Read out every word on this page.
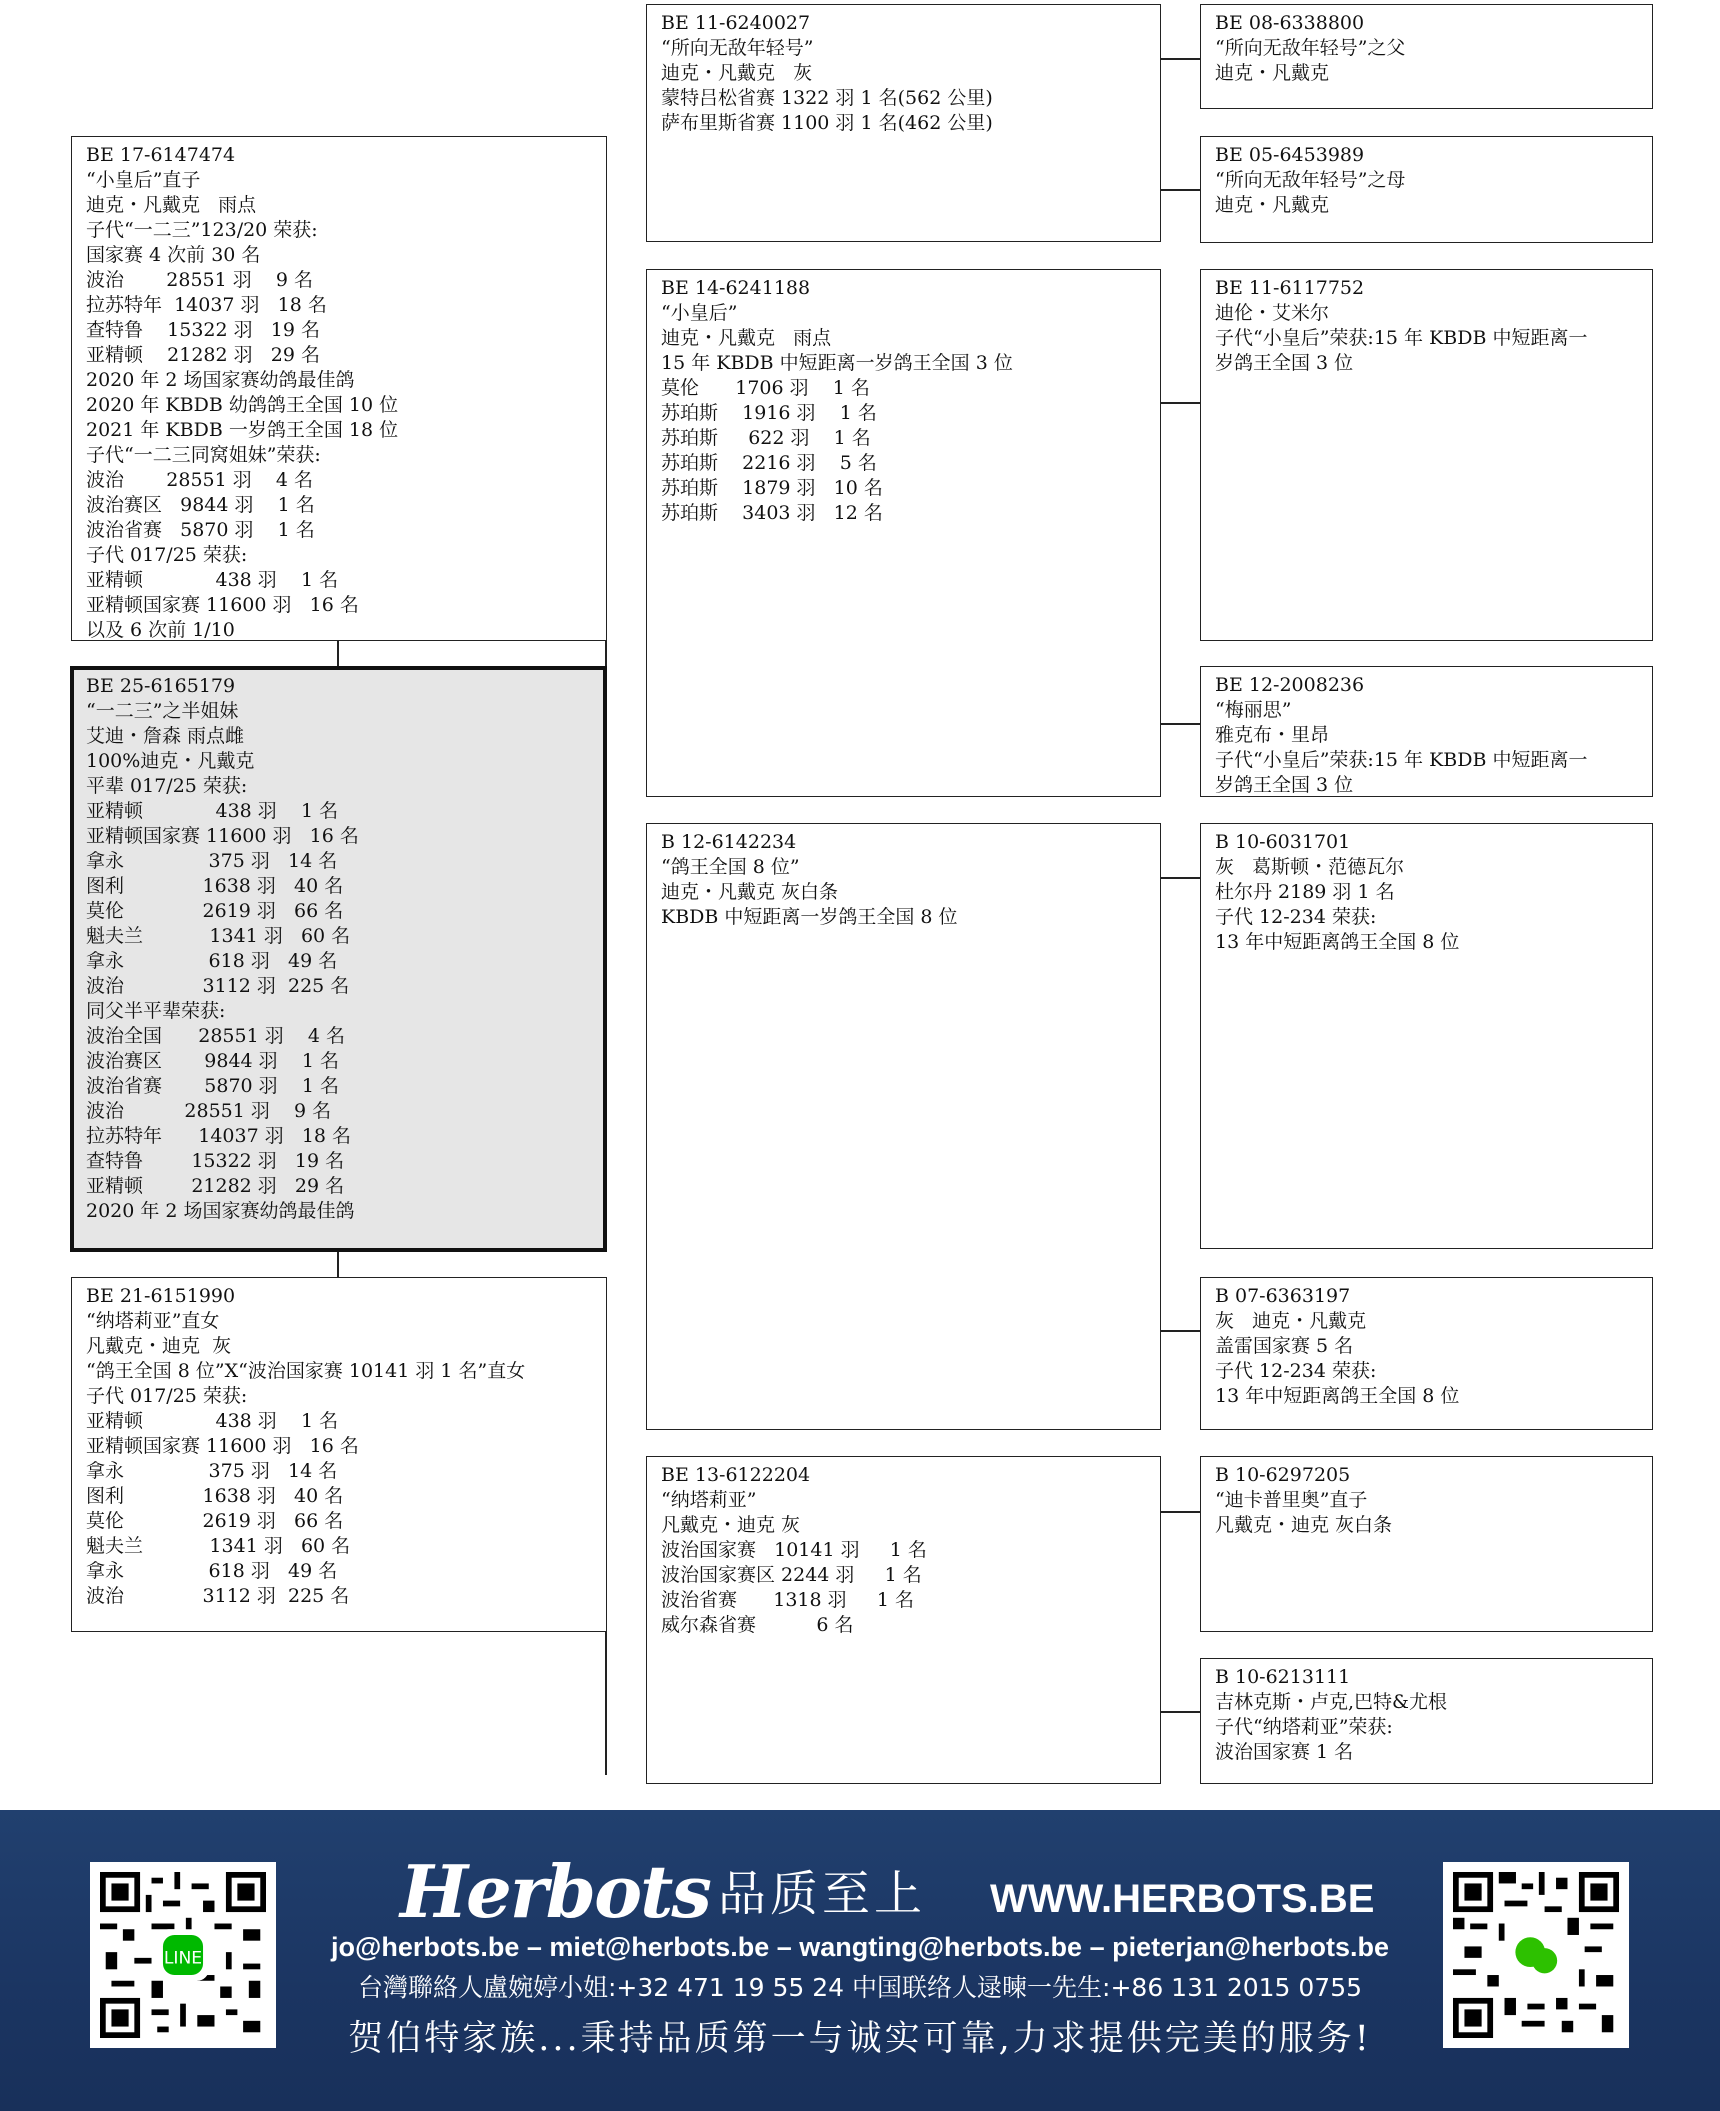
BE 17-6147474
“小皇后”直子
迪克・凡戴克   雨点
子代“一二三”123/20 荣获:
国家赛 4 次前 30 名
波治       28551 羽    9 名
拉苏特年  14037 羽   18 名
查特鲁    15322 羽   19 名
亚精顿    21282 羽   29 名
2020 年 2 场国家赛幼鸽最佳鸽
2020 年 KBDB 幼鸽鸽王全国 10 位
2021 年 KBDB 一岁鸽王全国 18 位
子代“一二三同窝姐妹”荣获:
波治       28551 羽    4 名
波治赛区   9844 羽    1 名
波治省赛   5870 羽    1 名
子代 017/25 荣获:
亚精顿            438 羽    1 名
亚精顿国家赛 11600 羽   16 名
以及 6 次前 1/10
BE 25-6165179
“一二三”之半姐妹
艾迪・詹森 雨点雌
100%迪克・凡戴克
平辈 017/25 荣获:
亚精顿            438 羽    1 名
亚精顿国家赛 11600 羽   16 名
拿永              375 羽   14 名
图利             1638 羽   40 名
莫伦             2619 羽   66 名
魁夫兰           1341 羽   60 名
拿永              618 羽   49 名
波治             3112 羽  225 名
同父半平辈荣获:
波治全国      28551 羽    4 名
波治赛区       9844 羽    1 名
波治省赛       5870 羽    1 名
波治          28551 羽    9 名
拉苏特年      14037 羽   18 名
查特鲁        15322 羽   19 名
亚精顿        21282 羽   29 名
2020 年 2 场国家赛幼鸽最佳鸽
BE 21-6151990
“纳塔莉亚”直女
凡戴克・迪克  灰
“鸽王全国 8 位”X“波治国家赛 10141 羽 1 名”直女
子代 017/25 荣获:
亚精顿            438 羽    1 名
亚精顿国家赛 11600 羽   16 名
拿永              375 羽   14 名
图利             1638 羽   40 名
莫伦             2619 羽   66 名
魁夫兰           1341 羽   60 名
拿永              618 羽   49 名
波治             3112 羽  225 名
BE 11-6240027
“所向无敌年轻号”
迪克・凡戴克   灰
蒙特吕松省赛 1322 羽 1 名(562 公里)
萨布里斯省赛 1100 羽 1 名(462 公里)
BE 14-6241188
“小皇后”
迪克・凡戴克   雨点
15 年 KBDB 中短距离一岁鸽王全国 3 位
莫伦      1706 羽    1 名
苏珀斯    1916 羽    1 名
苏珀斯     622 羽    1 名
苏珀斯    2216 羽    5 名
苏珀斯    1879 羽   10 名
苏珀斯    3403 羽   12 名
B 12-6142234
“鸽王全国 8 位”
迪克・凡戴克 灰白条
KBDB 中短距离一岁鸽王全国 8 位
BE 13-6122204
“纳塔莉亚”
凡戴克・迪克 灰
波治国家赛   10141 羽     1 名
波治国家赛区 2244 羽     1 名
波治省赛      1318 羽     1 名
威尔森省赛          6 名
BE 08-6338800
“所向无敌年轻号”之父
迪克・凡戴克
BE 05-6453989
“所向无敌年轻号”之母
迪克・凡戴克
BE 11-6117752
迪伦・艾米尔
子代“小皇后”荣获:15 年 KBDB 中短距离一
岁鸽王全国 3 位
BE 12-2008236
“梅丽思”
雅克布・里昂
子代“小皇后”荣获:15 年 KBDB 中短距离一
岁鸽王全国 3 位
B 10-6031701
灰   葛斯顿・范德瓦尔
杜尔丹 2189 羽 1 名
子代 12-234 荣获:
13 年中短距离鸽王全国 8 位
B 07-6363197
灰   迪克・凡戴克
盖雷国家赛 5 名
子代 12-234 荣获:
13 年中短距离鸽王全国 8 位
B 10-6297205
“迪卡普里奥”直子
凡戴克・迪克 灰白条
B 10-6213111
吉林克斯・卢克,巴特&尤根
子代“纳塔莉亚”荣获:
波治国家赛 1 名
LINE
Herbots 品质至上 WWW.HERBOTS.BE
jo@herbots.be – miet@herbots.be – wangting@herbots.be – pieterjan@herbots.be
台灣聯絡人盧婉婷小姐:+32 471 19 55 24 中国联络人逯暕一先生:+86 131 2015 0755
贺伯特家族...秉持品质第一与诚实可靠,力求提供完美的服务!
